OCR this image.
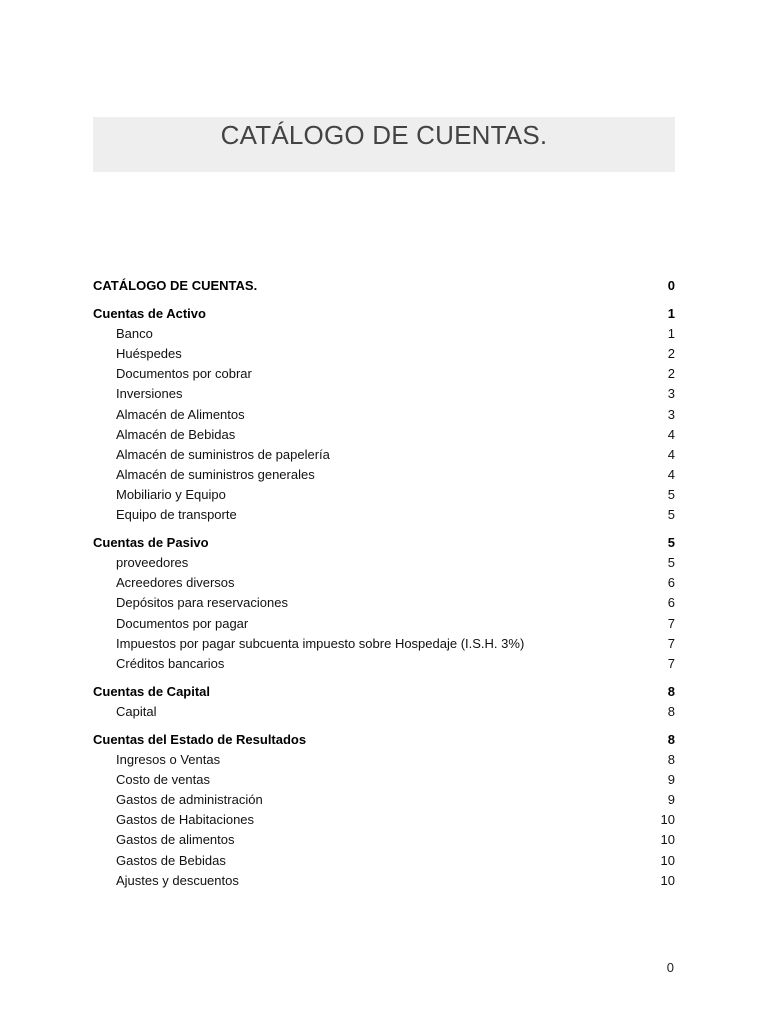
CATÁLOGO DE CUENTAS.
CATÁLOGO DE CUENTAS.	0
Cuentas de Activo	1
Banco	1
Huéspedes	2
Documentos por cobrar	2
Inversiones	3
Almacén de Alimentos	3
Almacén de Bebidas	4
Almacén de suministros de papelería	4
Almacén de suministros generales	4
Mobiliario y Equipo	5
Equipo de transporte	5
Cuentas de Pasivo	5
proveedores	5
Acreedores diversos	6
Depósitos para reservaciones	6
Documentos por pagar	7
Impuestos por pagar subcuenta impuesto sobre Hospedaje (I.S.H. 3%)	7
Créditos bancarios	7
Cuentas de Capital	8
Capital	8
Cuentas del Estado de Resultados	8
Ingresos o Ventas	8
Costo de ventas	9
Gastos de administración	9
Gastos de Habitaciones	10
Gastos de alimentos	10
Gastos de Bebidas	10
Ajustes y descuentos	10
0
